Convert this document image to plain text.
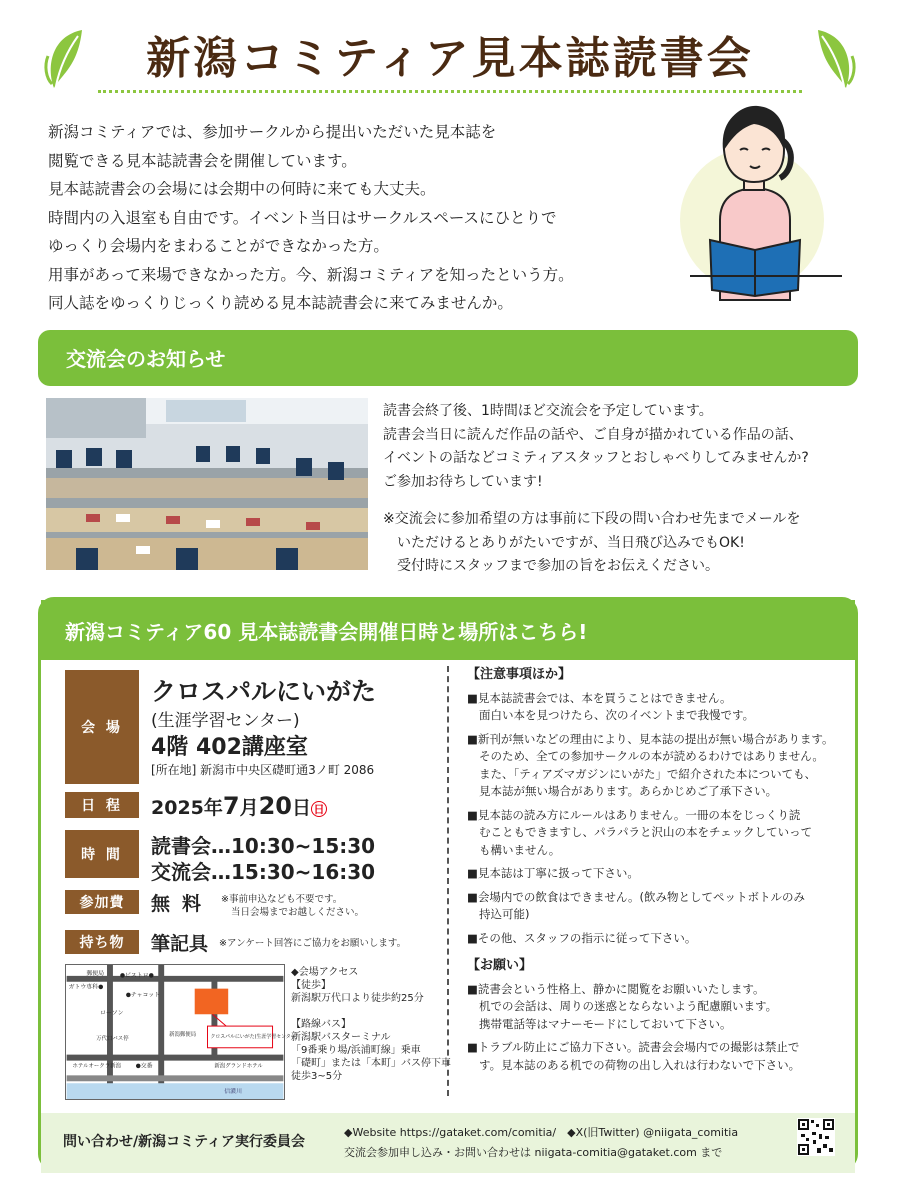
新潟コミティア見本誌読書会

新潟コミティアでは、参加サークルから提出いただいた見本誌を

閲覧できる見本誌読書会を開催しています。

見本誌読書会の会場には会期中の何時に来ても大丈夫。

時間内の入退室も自由です。イベント当日はサークルスペースにひとりで

ゆっくり会場内をまわることができなかった方。

用事があって来場できなかった方。今、新潟コミティアを知ったという方。

同人誌をゆっくりじっくり読める見本誌読書会に来てみませんか。

交流会のお知らせ

読書会終了後、1時間ほど交流会を予定しています。

読書会当日に読んだ作品の話や、ご自身が描かれている作品の話、

イベントの話などコミティアスタッフとおしゃべりしてみませんか?

ご参加お待ちしています!

※交流会に参加希望の方は事前に下段の問い合わせ先までメールを

　いただけるとありがたいですが、当日飛び込みでもOK!

　受付時にスタッフまで参加の旨をお伝えください。

新潟コミティア60 見本誌読書会開催日時と場所はこちら!
会 場
クロスパルにいがた
(生涯学習センター)
4階 402講座室
[所在地] 新潟市中央区礎町通3ノ町 2086
日 程	2025年7月20日 日
時 間	読書会…10:30~15:30
交流会…15:30~16:30
参加費	無料 ※事前申込なども不要です。

当日会場までお越しください。

持ち物	筆記具 ※アンケート回答にご協力をお願いします。
郵便局	●ビストロ●
ガトウ専科●
●チャコット
ローソン
万代口バス停
新潟郵便局	クロスパルにいがた(生涯学習センター)
ホテルオークラ新潟 ●交番	新潟グランドホテル
信濃川

◆会場アクセス

【徒歩】

新潟駅万代口より徒歩約25分

【路線バス】

新潟駅バスターミナル

「9番乗り場/浜浦町線」乗車

「礎町」または「本町」バス停下車

徒歩3~5分

【注意事項ほか】

■見本誌読書会では、本を買うことはできません。

面白い本を見つけたら、次のイベントまで我慢です。

■新刊が無いなどの理由により、見本誌の提出が無い場合があります。

そのため、全ての参加サークルの本が読めるわけではありません。

また、「ティアズマガジンにいがた」で紹介された本についても、

見本誌が無い場合があります。あらかじめご了承下さい。

■見本誌の読み方にルールはありません。一冊の本をじっくり読

むこともできますし、パラパラと沢山の本をチェックしていって

も構いません。

■見本誌は丁寧に扱って下さい。

■会場内での飲食はできません。(飲み物としてペットボトルのみ

持込可能)

■その他、スタッフの指示に従って下さい。

【お願い】

■読書会という性格上、静かに閲覧をお願いいたします。

机での会話は、周りの迷惑とならないよう配慮願います。

携帯電話等はマナーモードにしておいて下さい。

■トラブル防止にご協力下さい。読書会会場内での撮影は禁止で

す。見本誌のある机での荷物の出し入れは行わないで下さい。

問い合わせ/新潟コミティア実行委員会

◆Website https://gataket.com/comitia/　◆X(旧Twitter) @niigata_comitia

交流会参加申し込み・お問い合わせは niigata-comitia@gataket.com まで
